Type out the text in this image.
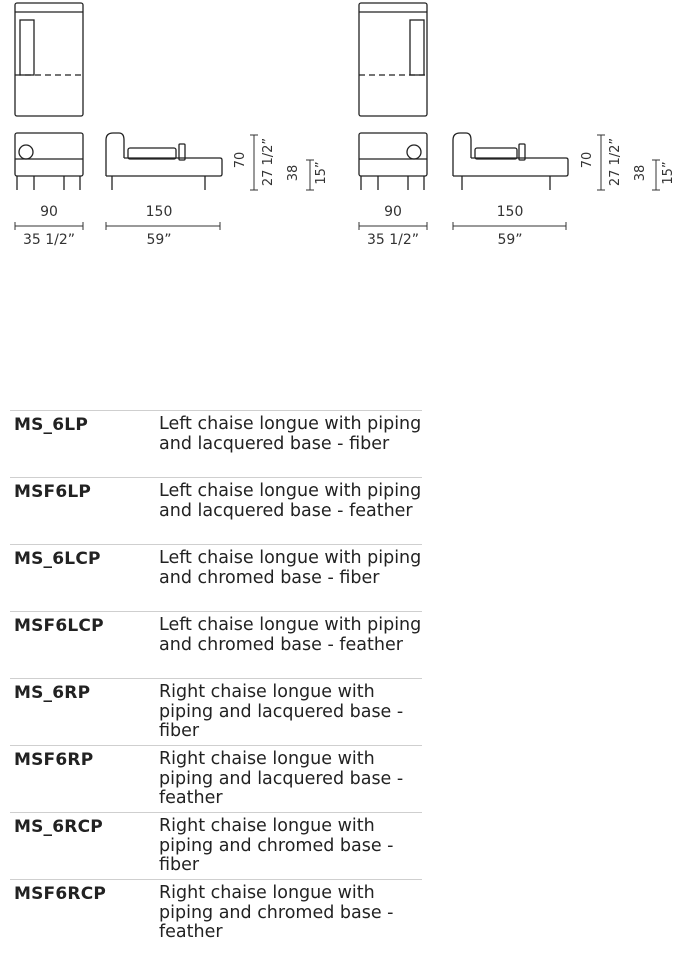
90
35 1/2”
150
59”
70 27 1/2” 38 15”
90
35 1/2”
150
59”
70 27 1/2” 38 15”
MS_6LP	Left chaise longue with piping and lacquered base - fiber
MSF6LP	Left chaise longue with piping and lacquered base - feather
MS_6LCP	Left chaise longue with piping and chromed base - fiber
MSF6LCP	Left chaise longue with piping and chromed base - feather
MS_6RP	Right chaise longue with piping and lacquered base - fiber
MSF6RP	Right chaise longue with piping and lacquered base - feather
MS_6RCP	Right chaise longue with piping and chromed base - fiber
MSF6RCP	Right chaise longue with piping and chromed base - feather
